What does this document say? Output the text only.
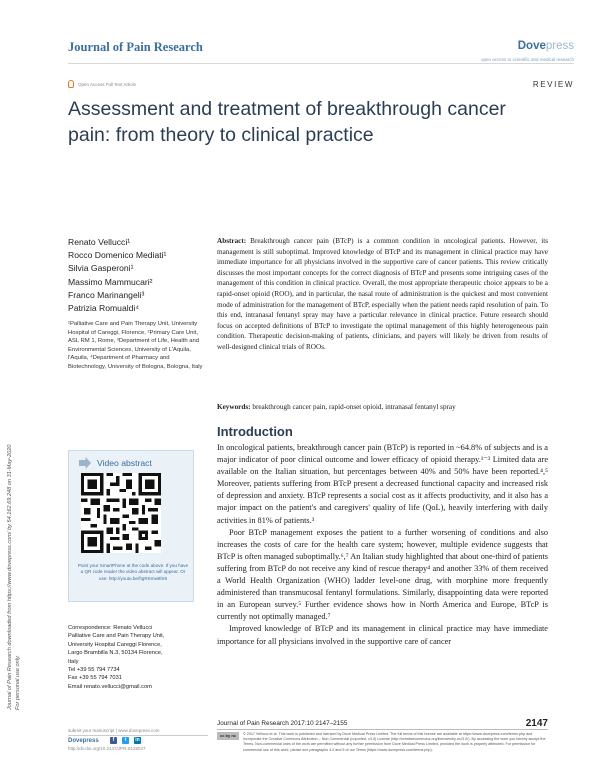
Journal of Pain Research	Dovepress
open access to scientific and medical research
Open Access Full Text Article	REVIEW
Assessment and treatment of breakthrough cancer pain: from theory to clinical practice
Journal of Pain Research downloaded from https://www.dovepress.com/ by 54.162.69.248 on 31-May-2020 For personal use only.
Renato Vellucci¹
Rocco Domenico Mediati¹
Silvia Gasperoni¹
Massimo Mammucari²
Franco Marinangeli³
Patrizia Romualdi⁴
¹Palliative Care and Pain Therapy Unit, University Hospital of Careggi, Florence, ²Primary Care Unit, ASL RM 1, Rome, ³Department of Life, Health and Environmental Sciences, University of L'Aquila, l'Aquila, ⁴Department of Pharmacy and Biotechnology, University of Bologna, Bologna, Italy
Video abstract
Point your SmartPhone at the code above. If you have a QR code reader the video abstract will appear. Or use: http://youtu.be/fIgRSmw8hr8
Correspondence: Renato Vellucci
Palliative Care and Pain Therapy Unit,
University Hospital Careggi Florence,
Largo Brambilla N.3, 50134 Florence,
Italy
Tel +39 55 794 7734
Fax +39 55 794 7031
Email renato.vellucci@gmail.com
Abstract: Breakthrough cancer pain (BTcP) is a common condition in oncological patients. However, its management is still suboptimal. Improved knowledge of BTcP and its management in clinical practice may have immediate importance for all physicians involved in the supportive care of cancer patients. This review critically discusses the most important concepts for the correct diagnosis of BTcP and presents some intriguing cases of the management of this condition in clinical practice. Overall, the most appropriate therapeutic choice appears to be a rapid-onset opioid (ROO), and in particular, the nasal route of administration is the quickest and most convenient mode of administration for the management of BTcP, especially when the patient needs rapid resolution of pain. To this end, intranasal fentanyl spray may have a particular relevance in clinical practice. Future research should focus on accepted definitions of BTcP to investigate the optimal management of this highly heterogeneous pain condition. Therapeutic decision-making of patients, clinicians, and payers will likely be driven from results of well-designed clinical trials of ROOs.
Keywords: breakthrough cancer pain, rapid-onset opioid, intranasal fentanyl spray
Introduction

In oncological patients, breakthrough cancer pain (BTcP) is reported in ~64.8% of subjects and is a major indicator of poor clinical outcome and lower efficacy of opioid therapy.¹⁻³ Limited data are available on the Italian situation, but percentages between 40% and 50% have been reported.⁴,⁵ Moreover, patients suffering from BTcP present a decreased functional capacity and increased risk of depression and anxiety. BTcP represents a social cost as it affects productivity, and it also has a major impact on the patient's and caregivers' quality of life (QoL), heavily interfering with daily activities in 81% of patients.³

Poor BTcP management exposes the patient to a further worsening of conditions and also increases the costs of care for the health care system; however, multiple evidence suggests that BTcP is often managed suboptimally.⁶,⁷ An Italian study highlighted that about one-third of patients suffering from BTcP do not receive any kind of rescue therapy⁴ and another 33% of them received a World Health Organization (WHO) ladder level-one drug, with morphine more frequently administered than transmucosal fentanyl formulations. Similarly, disappointing data were reported in an European survey.⁵ Further evidence shows how in North America and Europe, BTcP is currently not optimally managed.⁷

Improved knowledge of BTcP and its management in clinical practice may have immediate importance for all physicians involved in the supportive care of cancer

submit your manuscript | www.dovepress.com
Dovepress	f	t	in
http://dx.doi.org/10.2147/JPR.S128047
Journal of Pain Research 2017:10 2147–2155	2147
cc by nc	© 2017 Vellucci et al. This work is published and licensed by Dove Medical Press Limited. The full terms of this license are available at https://www.dovepress.com/terms.php and incorporate the Creative Commons Attribution – Non Commercial (unported, v3.0) License (http://creativecommons.org/licenses/by-nc/3.0/). By accessing the work you hereby accept the Terms. Non-commercial uses of the work are permitted without any further permission from Dove Medical Press Limited, provided the work is properly attributed. For permission for commercial use of this work, please see paragraphs 4.2 and 5 of our Terms (https://www.dovepress.com/terms.php).
